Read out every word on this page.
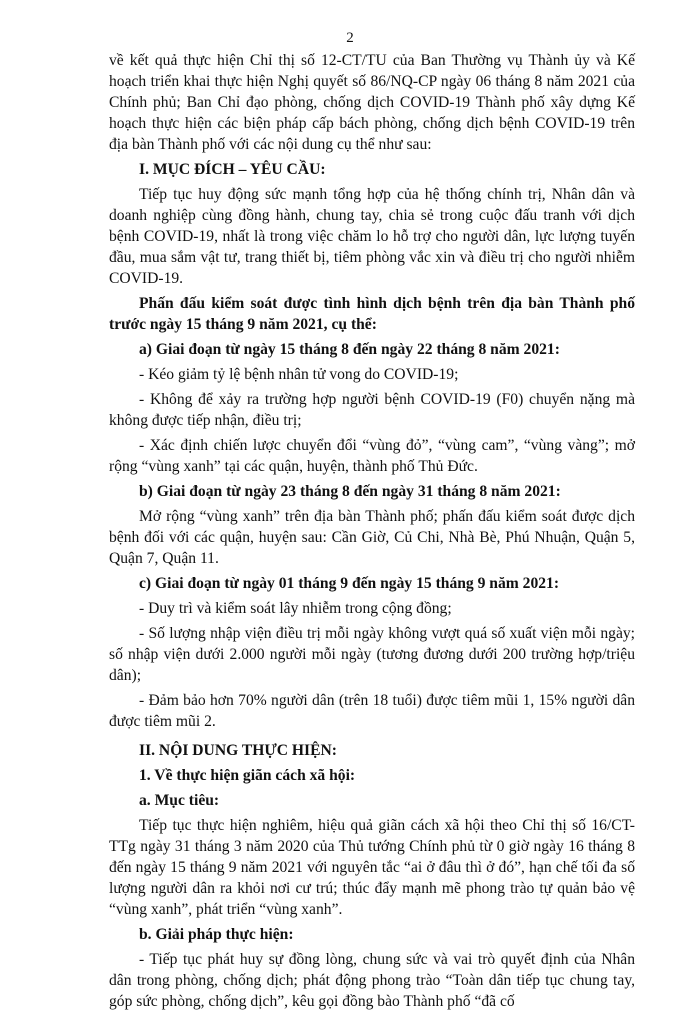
2

về kết quả thực hiện Chỉ thị số 12-CT/TU của Ban Thường vụ Thành ủy và Kế hoạch triển khai thực hiện Nghị quyết số 86/NQ-CP ngày 06 tháng 8 năm 2021 của Chính phủ; Ban Chỉ đạo phòng, chống dịch COVID-19 Thành phố xây dựng Kế hoạch thực hiện các biện pháp cấp bách phòng, chống dịch bệnh COVID-19 trên địa bàn Thành phố với các nội dung cụ thể như sau:

I. MỤC ĐÍCH – YÊU CẦU:

Tiếp tục huy động sức mạnh tổng hợp của hệ thống chính trị, Nhân dân và doanh nghiệp cùng đồng hành, chung tay, chia sẻ trong cuộc đấu tranh với dịch bệnh COVID-19, nhất là trong việc chăm lo hỗ trợ cho người dân, lực lượng tuyến đầu, mua sắm vật tư, trang thiết bị, tiêm phòng vắc xin và điều trị cho người nhiễm COVID-19.

Phấn đấu kiểm soát được tình hình dịch bệnh trên địa bàn Thành phố trước ngày 15 tháng 9 năm 2021, cụ thể:

a) Giai đoạn từ ngày 15 tháng 8 đến ngày 22 tháng 8 năm 2021:

- Kéo giảm tỷ lệ bệnh nhân tử vong do COVID-19;

- Không để xảy ra trường hợp người bệnh COVID-19 (F0) chuyển nặng mà không được tiếp nhận, điều trị;

- Xác định chiến lược chuyển đổi “vùng đỏ”, “vùng cam”, “vùng vàng”; mở rộng “vùng xanh” tại các quận, huyện, thành phố Thủ Đức.

b) Giai đoạn từ ngày 23 tháng 8 đến ngày 31 tháng 8 năm 2021:

Mở rộng “vùng xanh” trên địa bàn Thành phố; phấn đấu kiểm soát được dịch bệnh đối với các quận, huyện sau: Cần Giờ, Củ Chi, Nhà Bè, Phú Nhuận, Quận 5, Quận 7, Quận 11.

c) Giai đoạn từ ngày 01 tháng 9 đến ngày 15 tháng 9 năm 2021:

- Duy trì và kiểm soát lây nhiễm trong cộng đồng;

- Số lượng nhập viện điều trị mỗi ngày không vượt quá số xuất viện mỗi ngày; số nhập viện dưới 2.000 người mỗi ngày (tương đương dưới 200 trường hợp/triệu dân);

- Đảm bảo hơn 70% người dân (trên 18 tuổi) được tiêm mũi 1, 15% người dân được tiêm mũi 2.

II. NỘI DUNG THỰC HIỆN:

1. Về thực hiện giãn cách xã hội:

a. Mục tiêu:

Tiếp tục thực hiện nghiêm, hiệu quả giãn cách xã hội theo Chỉ thị số 16/CT-TTg ngày 31 tháng 3 năm 2020 của Thủ tướng Chính phủ từ 0 giờ ngày 16 tháng 8 đến ngày 15 tháng 9 năm 2021 với nguyên tắc “ai ở đâu thì ở đó”, hạn chế tối đa số lượng người dân ra khỏi nơi cư trú; thúc đẩy mạnh mẽ phong trào tự quản bảo vệ “vùng xanh”, phát triển “vùng xanh”.

b. Giải pháp thực hiện:

- Tiếp tục phát huy sự đồng lòng, chung sức và vai trò quyết định của Nhân dân trong phòng, chống dịch; phát động phong trào “Toàn dân tiếp tục chung tay, góp sức phòng, chống dịch”, kêu gọi đồng bào Thành phố “đã cố
